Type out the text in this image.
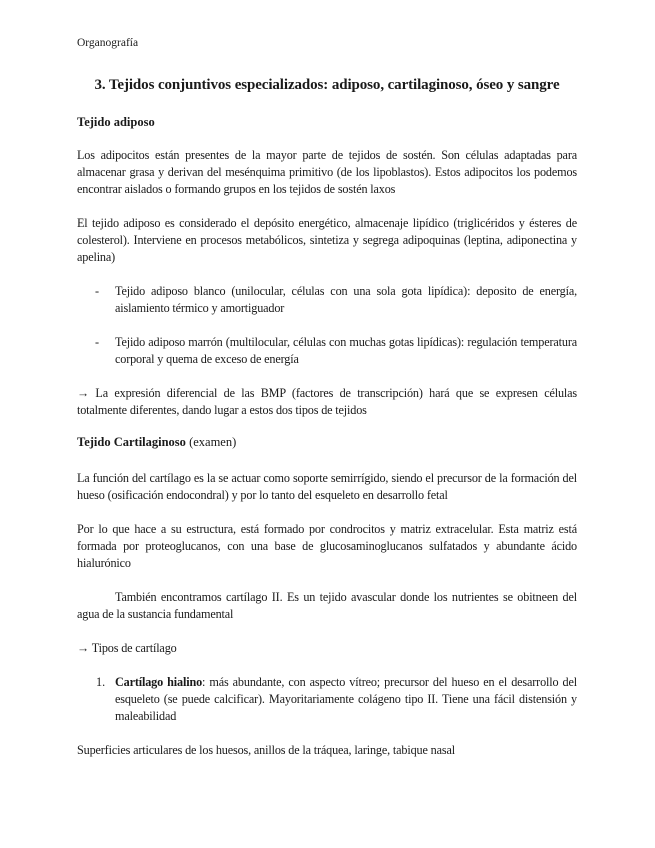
Organografía
3. Tejidos conjuntivos especializados: adiposo, cartilaginoso, óseo y sangre
Tejido adiposo
Los adipocitos están presentes de la mayor parte de tejidos de sostén. Son células adaptadas para almacenar grasa y derivan del mesénquima primitivo (de los lipoblastos). Estos adipocitos los podemos encontrar aislados o formando grupos en los tejidos de sostén laxos
El tejido adiposo es considerado el depósito energético, almacenaje lipídico (triglicéridos y ésteres de colesterol). Interviene en procesos metabólicos, sintetiza y segrega adipoquinas (leptina, adiponectina y apelina)
- Tejido adiposo blanco (unilocular, células con una sola gota lipídica): deposito de energía, aislamiento térmico y amortiguador
- Tejido adiposo marrón (multilocular, células con muchas gotas lipídicas): regulación temperatura corporal y quema de exceso de energía
→ La expresión diferencial de las BMP (factores de transcripción) hará que se expresen células totalmente diferentes, dando lugar a estos dos tipos de tejidos
Tejido Cartilaginoso (examen)
La función del cartílago es la se actuar como soporte semirrígido, siendo el precursor de la formación del hueso (osificación endocondral) y por lo tanto del esqueleto en desarrollo fetal
Por lo que hace a su estructura, está formado por condrocitos y matriz extracelular. Esta matriz está formada por proteoglucanos, con una base de glucosaminoglucanos sulfatados y abundante ácido hialurónico
También encontramos cartílago II. Es un tejido avascular donde los nutrientes se obitneen del agua de la sustancia fundamental
→ Tipos de cartílago
1. Cartílago hialino: más abundante, con aspecto vítreo; precursor del hueso en el desarrollo del esqueleto (se puede calcificar). Mayoritariamente colágeno tipo II. Tiene una fácil distensión y maleabilidad
Superficies articulares de los huesos, anillos de la tráquea, laringe, tabique nasal
